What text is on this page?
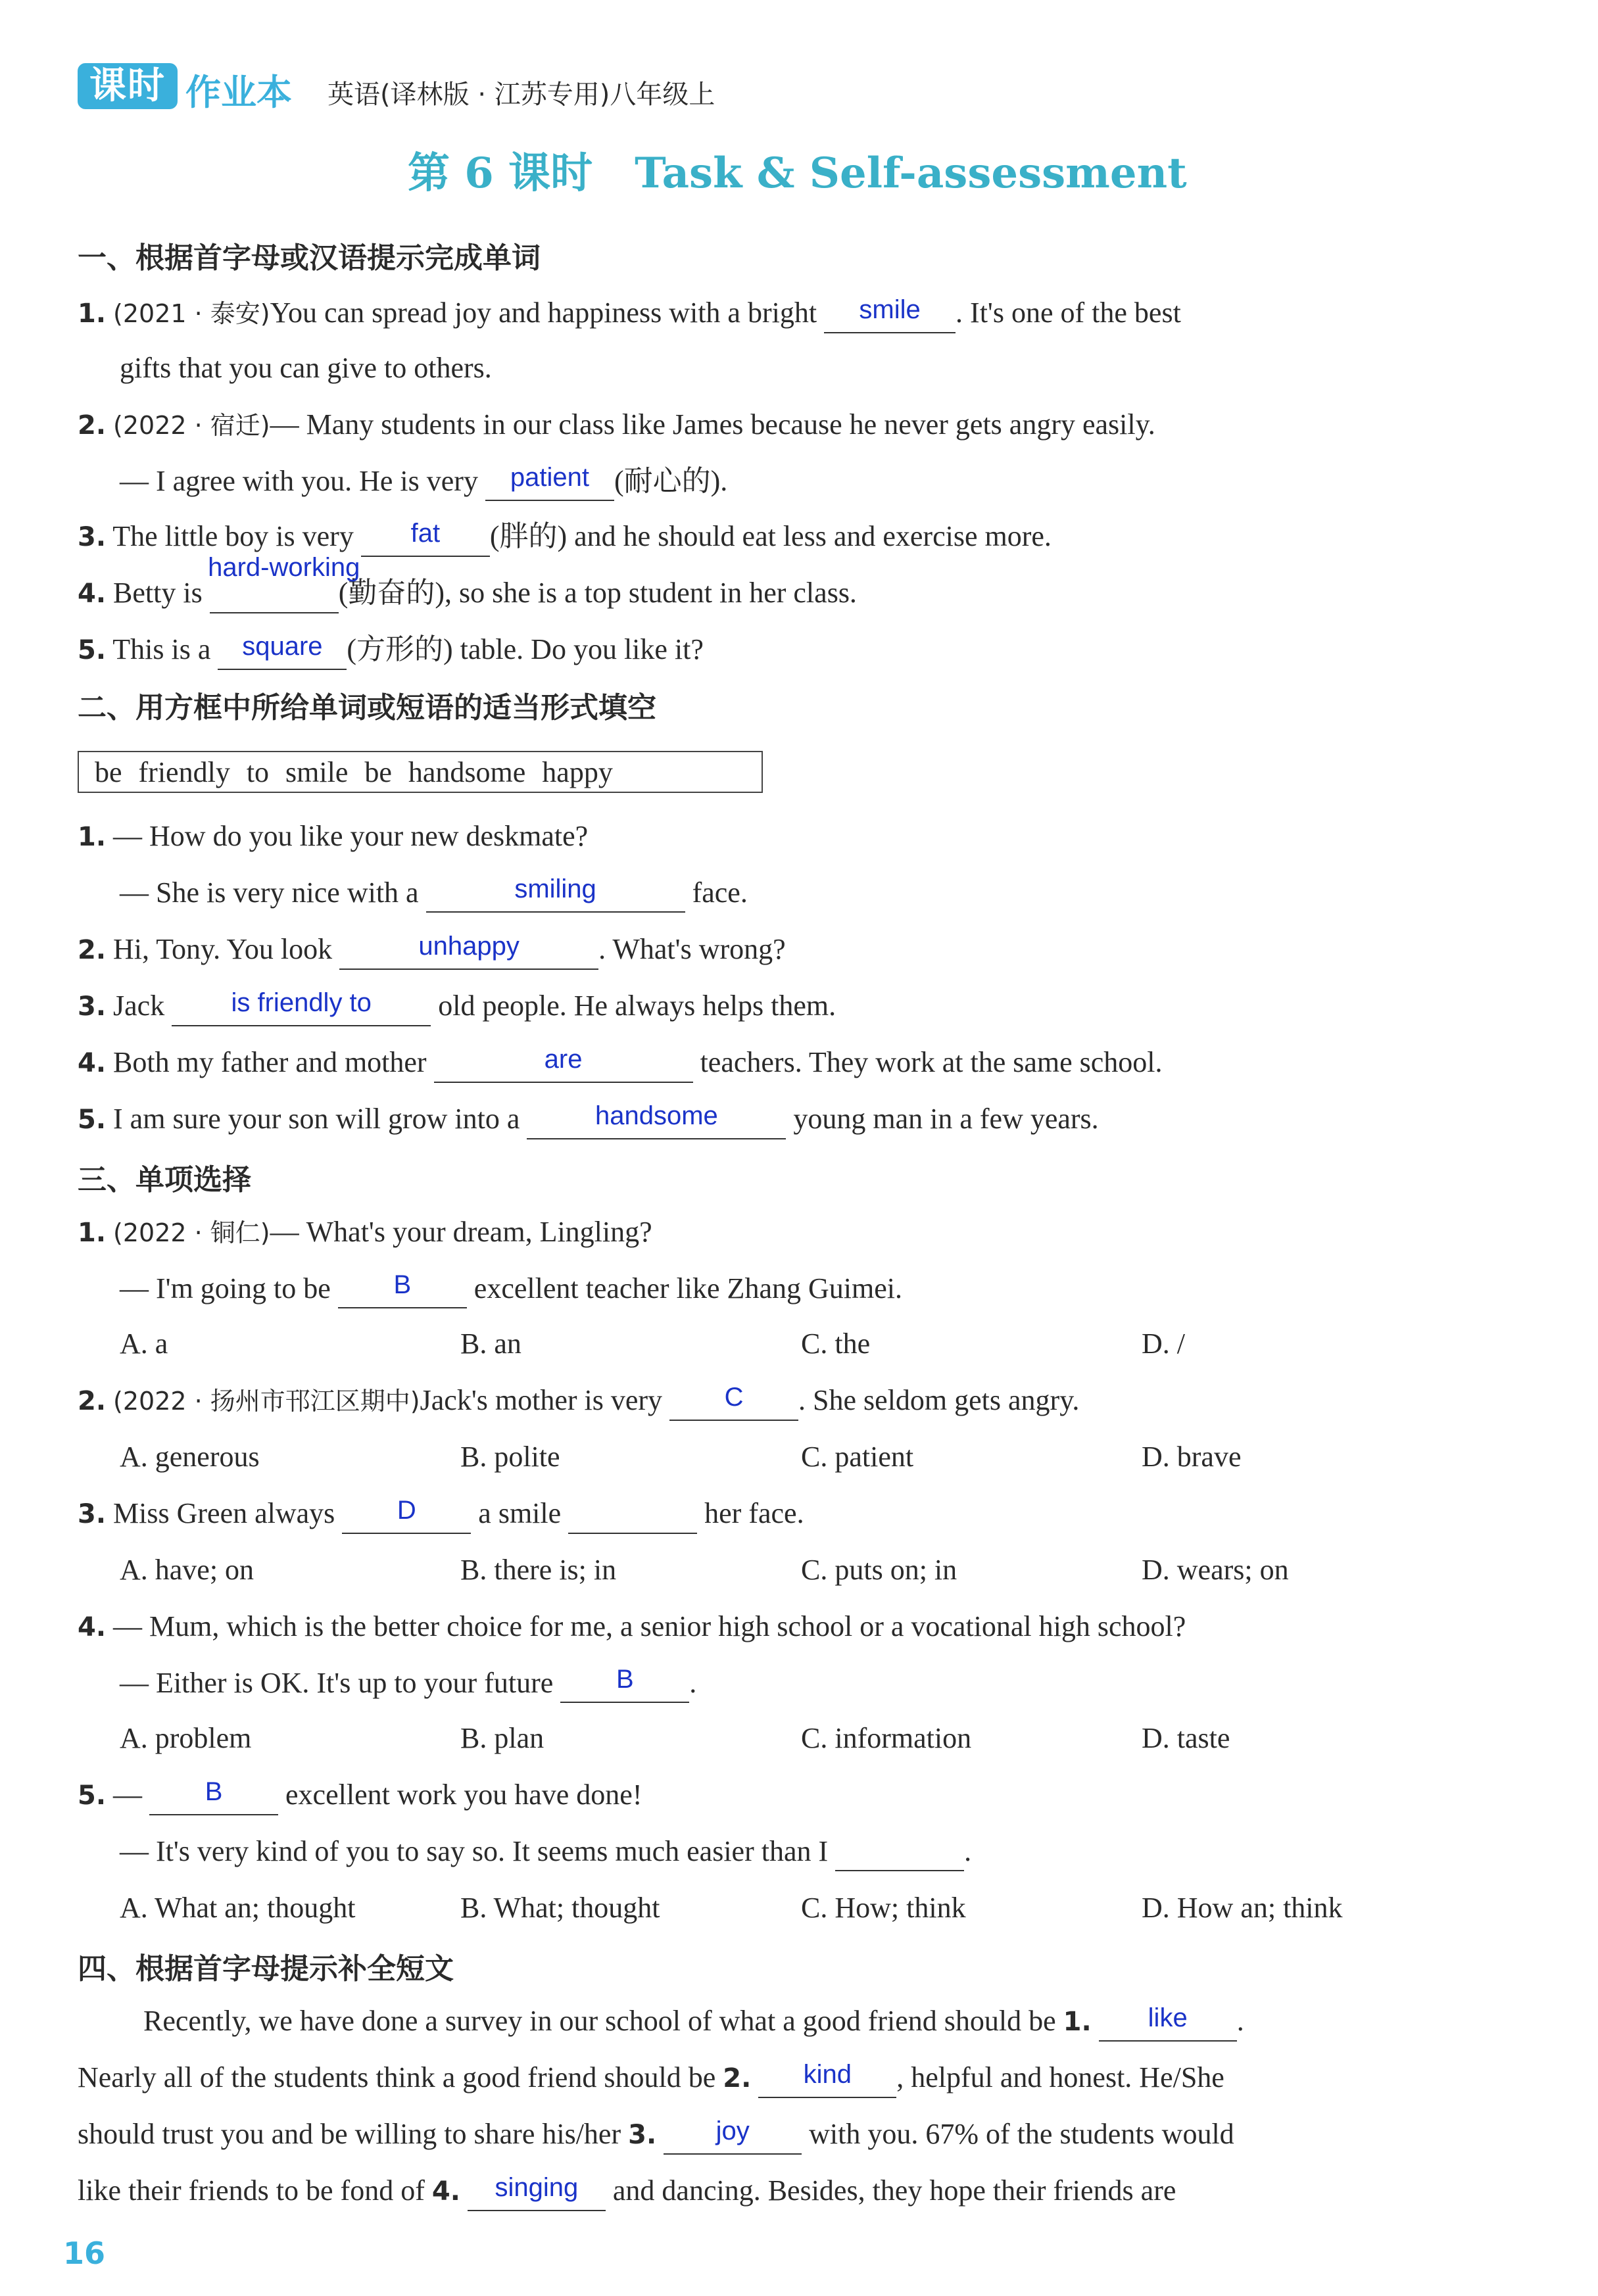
课时 作业本 英语(译林版 · 江苏专用)八年级上
第 6 课时　Task & Self-assessment
一、根据首字母或汉语提示完成单词
1. (2021 · 泰安)You can spread joy and happiness with a bright	smile	. It's one of the best
gifts that you can give to others.
2. (2022 · 宿迁)— Many students in our class like James because he never gets angry easily.
— I agree with you. He is very	patient (耐心的).
3. The little boy is very	fat	(胖的) and he should eat less and exercise more.
4. Betty is
hard-working
(勤奋的), so she is a top student in her class.
5. This is a	square (方形的) table. Do you like it?
二、用方框中所给单词或短语的适当形式填空
be friendly to smile be handsome happy
1. — How do you like your new deskmate?
— She is very nice with a	smiling	face.
2. Hi, Tony. You look	unhappy	. What's wrong?
3. Jack	is friendly to	old people. He always helps them.
4. Both my father and mother	are	teachers. They work at the same school.
5. I am sure your son will grow into a	handsome	young man in a few years.
三、单项选择
1. (2022 · 铜仁)— What's your dream, Lingling?
— I'm going to be	B	excellent teacher like Zhang Guimei.
A. a	B. an	C. the	D. /
2. (2022 · 扬州市邗江区期中)Jack's mother is very	C	. She seldom gets angry.
A. generous	B. polite	C. patient	D. brave
3. Miss Green always	D	a smile	her face.
A. have; on	B. there is; in	C. puts on; in	D. wears; on
4. — Mum, which is the better choice for me, a senior high school or a vocational high school?
— Either is OK. It's up to your future	B	.
A. problem	B. plan	C. information	D. taste
5. —	B	excellent work you have done!
— It's very kind of you to say so. It seems much easier than I	.
A. What an; thought	B. What; thought	C. How; think	D. How an; think
四、根据首字母提示补全短文
Recently, we have done a survey in our school of what a good friend should be 1.	like	.
Nearly all of the students think a good friend should be 2.	kind	, helpful and honest. He/She
should trust you and be willing to share his/her 3.	joy	with you. 67% of the students would
like their friends to be fond of 4.	singing	and dancing. Besides, they hope their friends are
16
